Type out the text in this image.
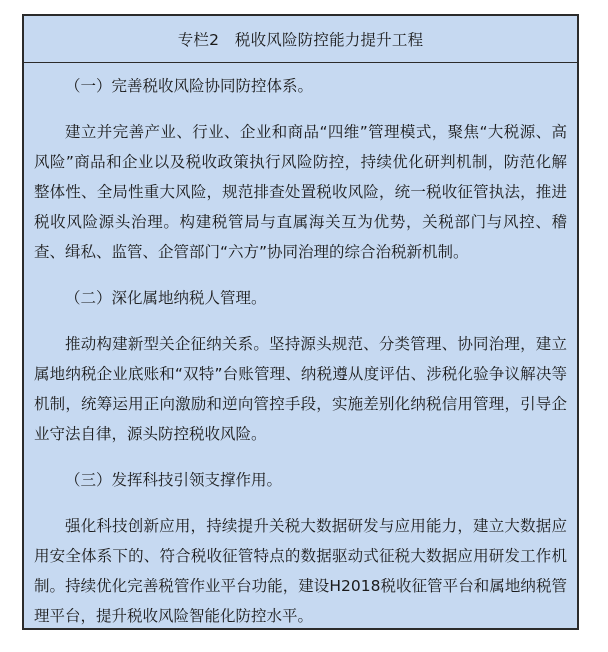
专栏2　税收风险防控能力提升工程
（一）完善税收风险协同防控体系。

建立并完善产业、行业、企业和商品“四维”管理模式，聚焦“大税源、高风险”商品和企业以及税收政策执行风险防控，持续优化研判机制，防范化解整体性、全局性重大风险，规范排查处置税收风险，统一税收征管执法，推进税收风险源头治理。构建税管局与直属海关互为优势，关税部门与风控、稽查、缉私、监管、企管部门“六方”协同治理的综合治税新机制。

（二）深化属地纳税人管理。

推动构建新型关企征纳关系。坚持源头规范、分类管理、协同治理，建立属地纳税企业底账和“双特”台账管理、纳税遵从度评估、涉税化验争议解决等机制，统筹运用正向激励和逆向管控手段，实施差别化纳税信用管理，引导企业守法自律，源头防控税收风险。

（三）发挥科技引领支撑作用。

强化科技创新应用，持续提升关税大数据研发与应用能力，建立大数据应用安全体系下的、符合税收征管特点的数据驱动式征税大数据应用研发工作机制。持续优化完善税管作业平台功能，建设H2018税收征管平台和属地纳税管理平台，提升税收风险智能化防控水平。
